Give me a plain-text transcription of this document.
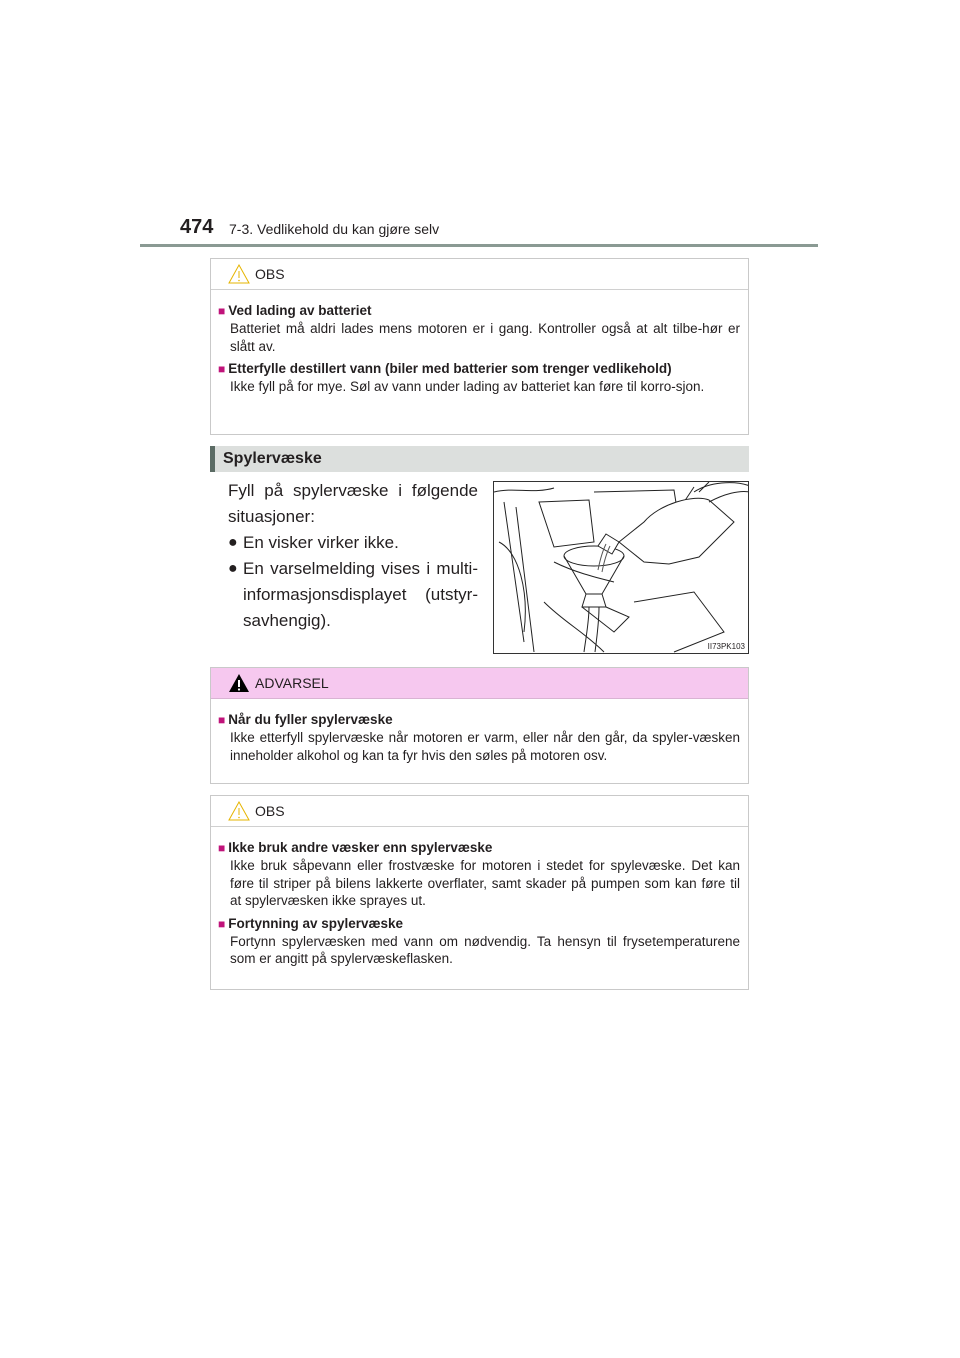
474 7-3. Vedlikehold du kan gjøre selv
OBS
■ Ved lading av batteriet
Batteriet må aldri lades mens motoren er i gang. Kontroller også at alt tilbe-hør er slått av.
■ Etterfylle destillert vann (biler med batterier som trenger vedlikehold)
Ikke fyll på for mye. Søl av vann under lading av batteriet kan føre til korro-sjon.
Spylervæske
Fyll på spylervæske i følgende situasjoner:
● En visker virker ikke.
● En varselmelding vises i multi-informasjonsdisplayet (utstyr-savhengig).
II73PK103
ADVARSEL
■ Når du fyller spylervæske
Ikke etterfyll spylervæske når motoren er varm, eller når den går, da spyler-væsken inneholder alkohol og kan ta fyr hvis den søles på motoren osv.
OBS
■ Ikke bruk andre væsker enn spylervæske
Ikke bruk såpevann eller frostvæske for motoren i stedet for spylevæske. Det kan føre til striper på bilens lakkerte overflater, samt skader på pumpen som kan føre til at spylervæsken ikke sprayes ut.
■ Fortynning av spylervæske
Fortynn spylervæsken med vann om nødvendig. Ta hensyn til frysetemperaturene som er angitt på spylervæskeflasken.
